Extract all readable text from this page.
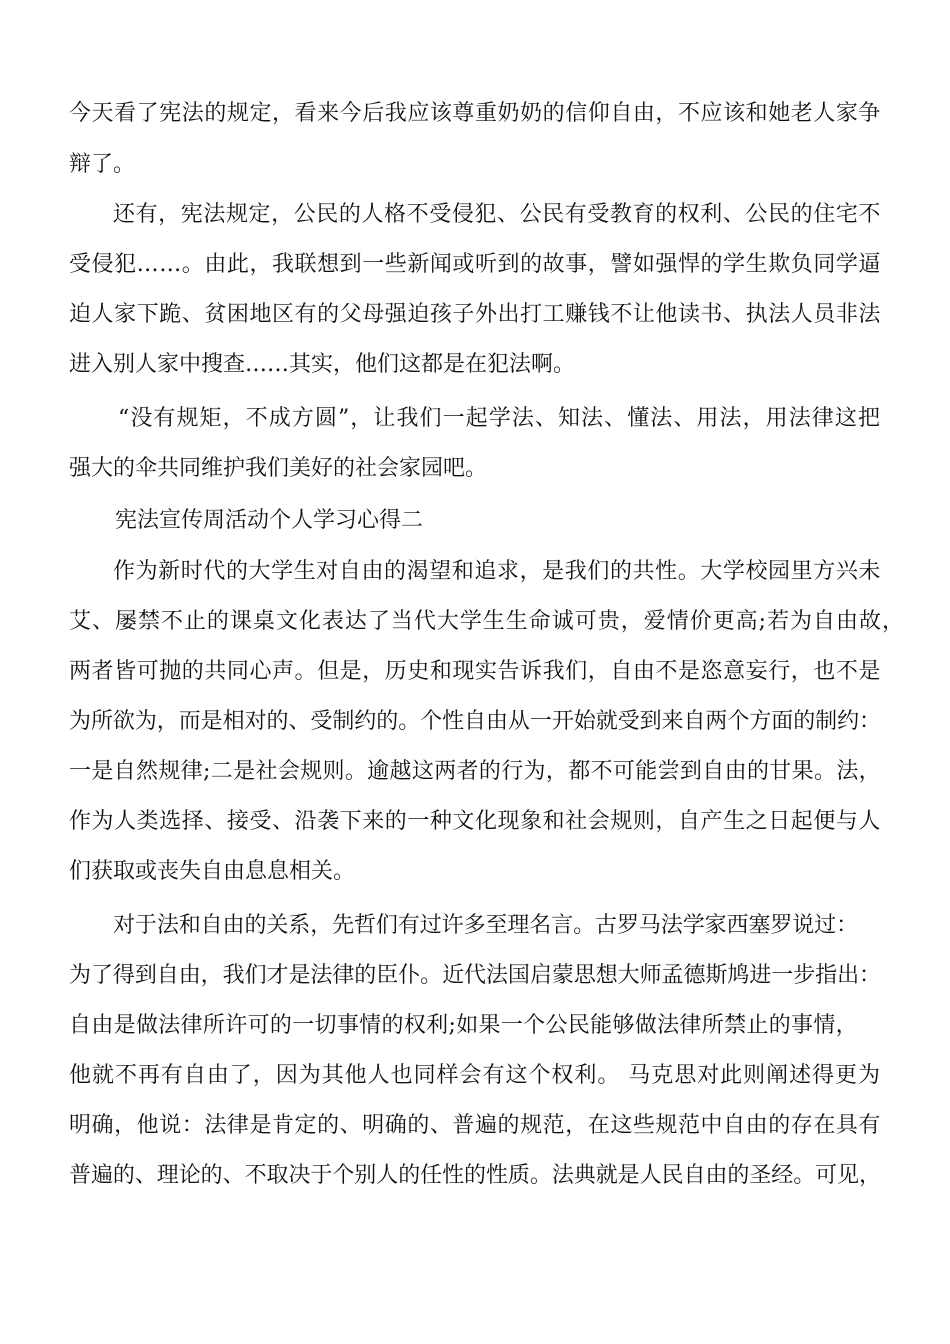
今天看了宪法的规定，看来今后我应该尊重奶奶的信仰自由，不应该和她老人家争
辩了。
还有，宪法规定，公民的人格不受侵犯、公民有受教育的权利、公民的住宅不
受侵犯……。由此，我联想到一些新闻或听到的故事，譬如强悍的学生欺负同学逼
迫人家下跪、贫困地区有的父母强迫孩子外出打工赚钱不让他读书、执法人员非法
进入别人家中搜查……其实，他们这都是在犯法啊。
“没有规矩，不成方圆”，让我们一起学法、知法、懂法、用法，用法律这把
强大的伞共同维护我们美好的社会家园吧。
宪法宣传周活动个人学习心得二
作为新时代的大学生对自由的渴望和追求，是我们的共性。大学校园里方兴未
艾、屡禁不止的课桌文化表达了当代大学生生命诚可贵，爱情价更高;若为自由故，
两者皆可抛的共同心声。但是，历史和现实告诉我们，自由不是恣意妄行，也不是
为所欲为，而是相对的、受制约的。个性自由从一开始就受到来自两个方面的制约：
一是自然规律;二是社会规则。逾越这两者的行为，都不可能尝到自由的甘果。法，
作为人类选择、接受、沿袭下来的一种文化现象和社会规则，自产生之日起便与人
们获取或丧失自由息息相关。
对于法和自由的关系，先哲们有过许多至理名言。古罗马法学家西塞罗说过：
为了得到自由，我们才是法律的臣仆。近代法国启蒙思想大师孟德斯鸠进一步指出：
自由是做法律所许可的一切事情的权利;如果一个公民能够做法律所禁止的事情，
他就不再有自由了，因为其他人也同样会有这个权利。 马克思对此则阐述得更为
明确，他说：法律是肯定的、明确的、普遍的规范，在这些规范中自由的存在具有
普遍的、理论的、不取决于个别人的任性的性质。法典就是人民自由的圣经。可见，
